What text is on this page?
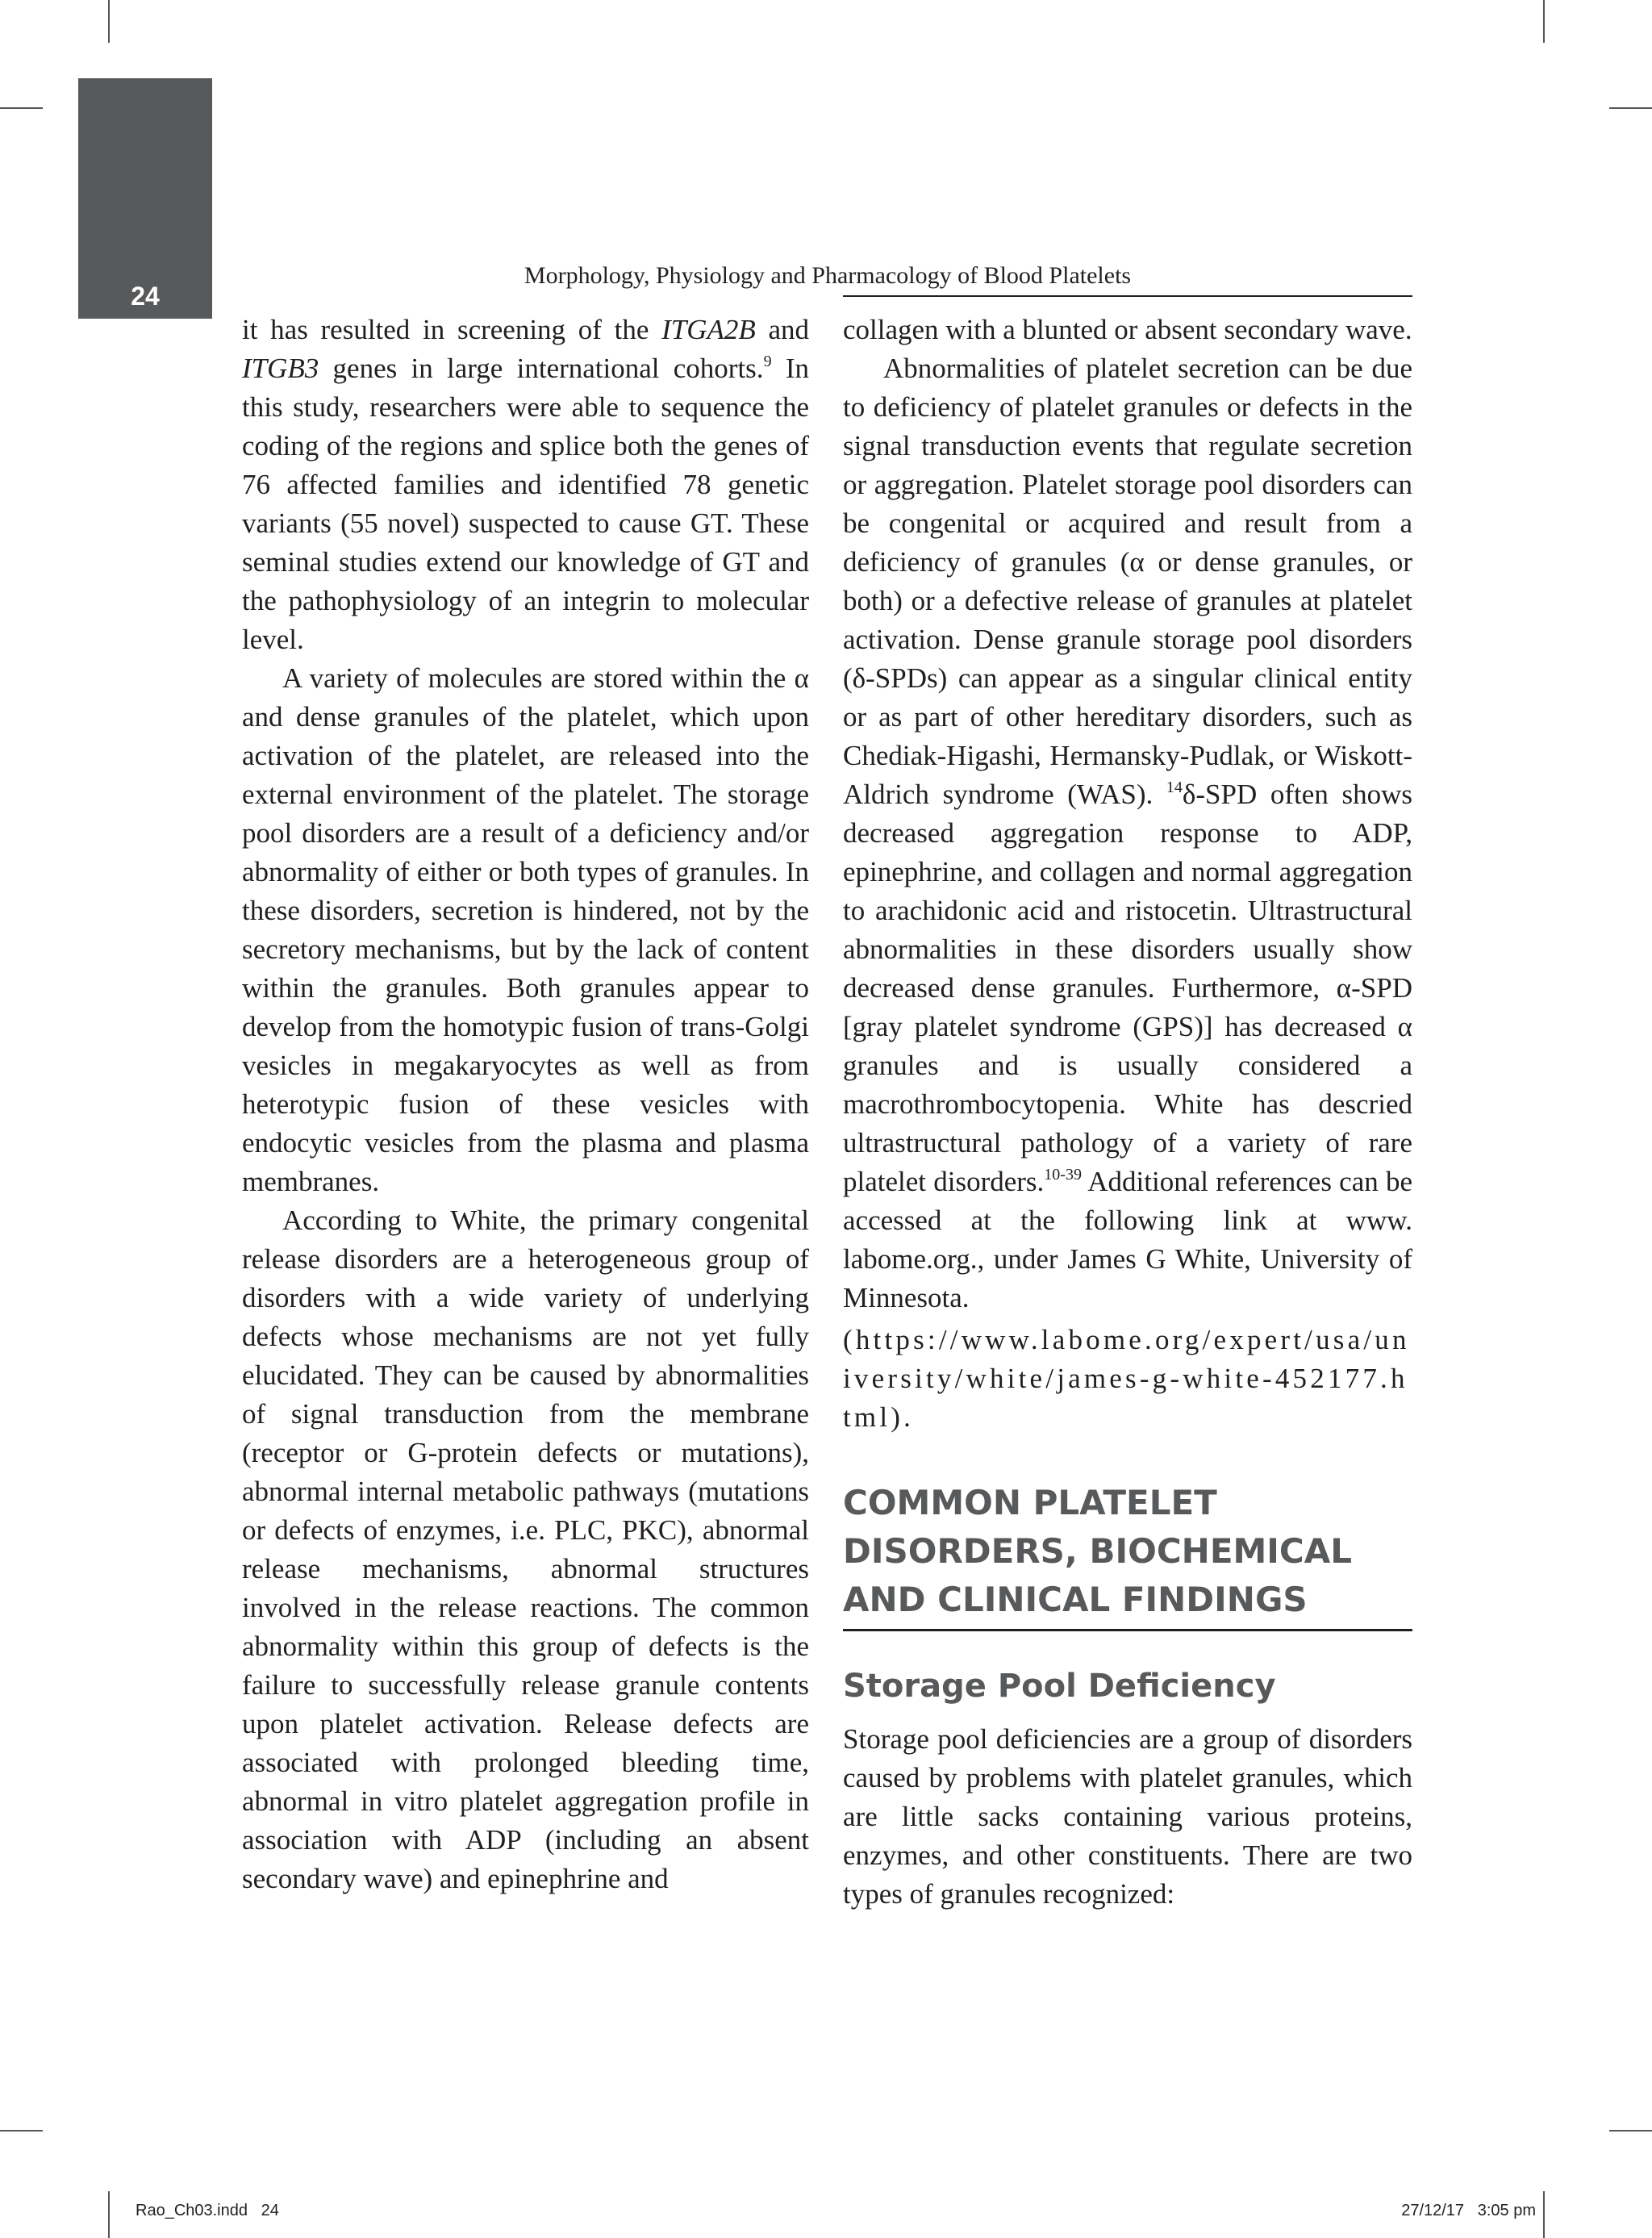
24
Morphology, Physiology and Pharmacology of Blood Platelets

it has resulted in screening of the ITGA2B and ITGB3 genes in large international cohorts.$^9$ In this study, researchers were able to sequence the coding of the regions and splice both the genes of 76 affected families and identified 78 genetic variants (55 novel) suspected to cause GT. These seminal studies extend our knowledge of GT and the pathophysiology of an integrin to molecular level.

A variety of molecules are stored within the α and dense granules of the platelet, which upon activation of the platelet, are released into the external environment of the platelet. The storage pool disorders are a result of a deficiency and/or abnormality of either or both types of granules. In these disorders, secretion is hindered, not by the secretory mechanisms, but by the lack of content within the granules. Both granules appear to develop from the homotypic fusion of trans-Golgi vesicles in megakaryocytes as well as from heterotypic fusion of these vesicles with endocytic vesicles from the plasma and plasma membranes.

According to White, the primary congenital release disorders are a heterogeneous group of disorders with a wide variety of underlying defects whose mechanisms are not yet fully elucidated. They can be caused by abnormalities of signal transduction from the membrane (receptor or G-protein defects or mutations), abnormal internal metabolic pathways (mutations or defects of enzymes, i.e. PLC, PKC), abnormal release mechanisms, abnormal structures involved in the release reactions. The common abnormality within this group of defects is the failure to successfully release granule contents upon platelet activation. Release defects are associated with prolonged bleeding time, abnormal in vitro platelet aggregation profile in association with ADP (including an absent secondary wave) and epinephrine and

collagen with a blunted or absent secondary wave.

Abnormalities of platelet secretion can be due to deficiency of platelet granules or defects in the signal transduction events that regulate secretion or aggregation. Platelet storage pool disorders can be congenital or acquired and result from a deficiency of granules (α or dense granules, or both) or a defective release of granules at platelet activation. Dense granule storage pool disorders (δ-SPDs) can appear as a singular clinical entity or as part of other hereditary disorders, such as Chediak-Higashi, Hermansky-Pudlak, or Wiskott-Aldrich syndrome (WAS). $^{14}$δ-SPD often shows decreased aggregation response to ADP, epinephrine, and collagen and normal aggregation to arachidonic acid and ristocetin. Ultrastructural abnormalities in these disorders usually show decreased dense granules. Furthermore, α-SPD [gray platelet syndrome (GPS)] has decreased α granules and is usually considered a macrothrombocytopenia. White has descried ultrastructural pathology of a variety of rare platelet disorders.$^{10-39}$ Additional references can be accessed at the following link at www. labome.org., under James G White, University of Minnesota.

(https://www.labome.org/expert/usa/university/white/james-g-white-452177.html).

COMMON PLATELET DISORDERS, BIOCHEMICAL AND CLINICAL FINDINGS
Storage Pool Deficiency

Storage pool deficiencies are a group of disorders caused by problems with platelet granules, which are little sacks containing various proteins, enzymes, and other constituents. There are two types of granules recognized:

Rao_Ch03.indd   24	27/12/17   3:05 pm
